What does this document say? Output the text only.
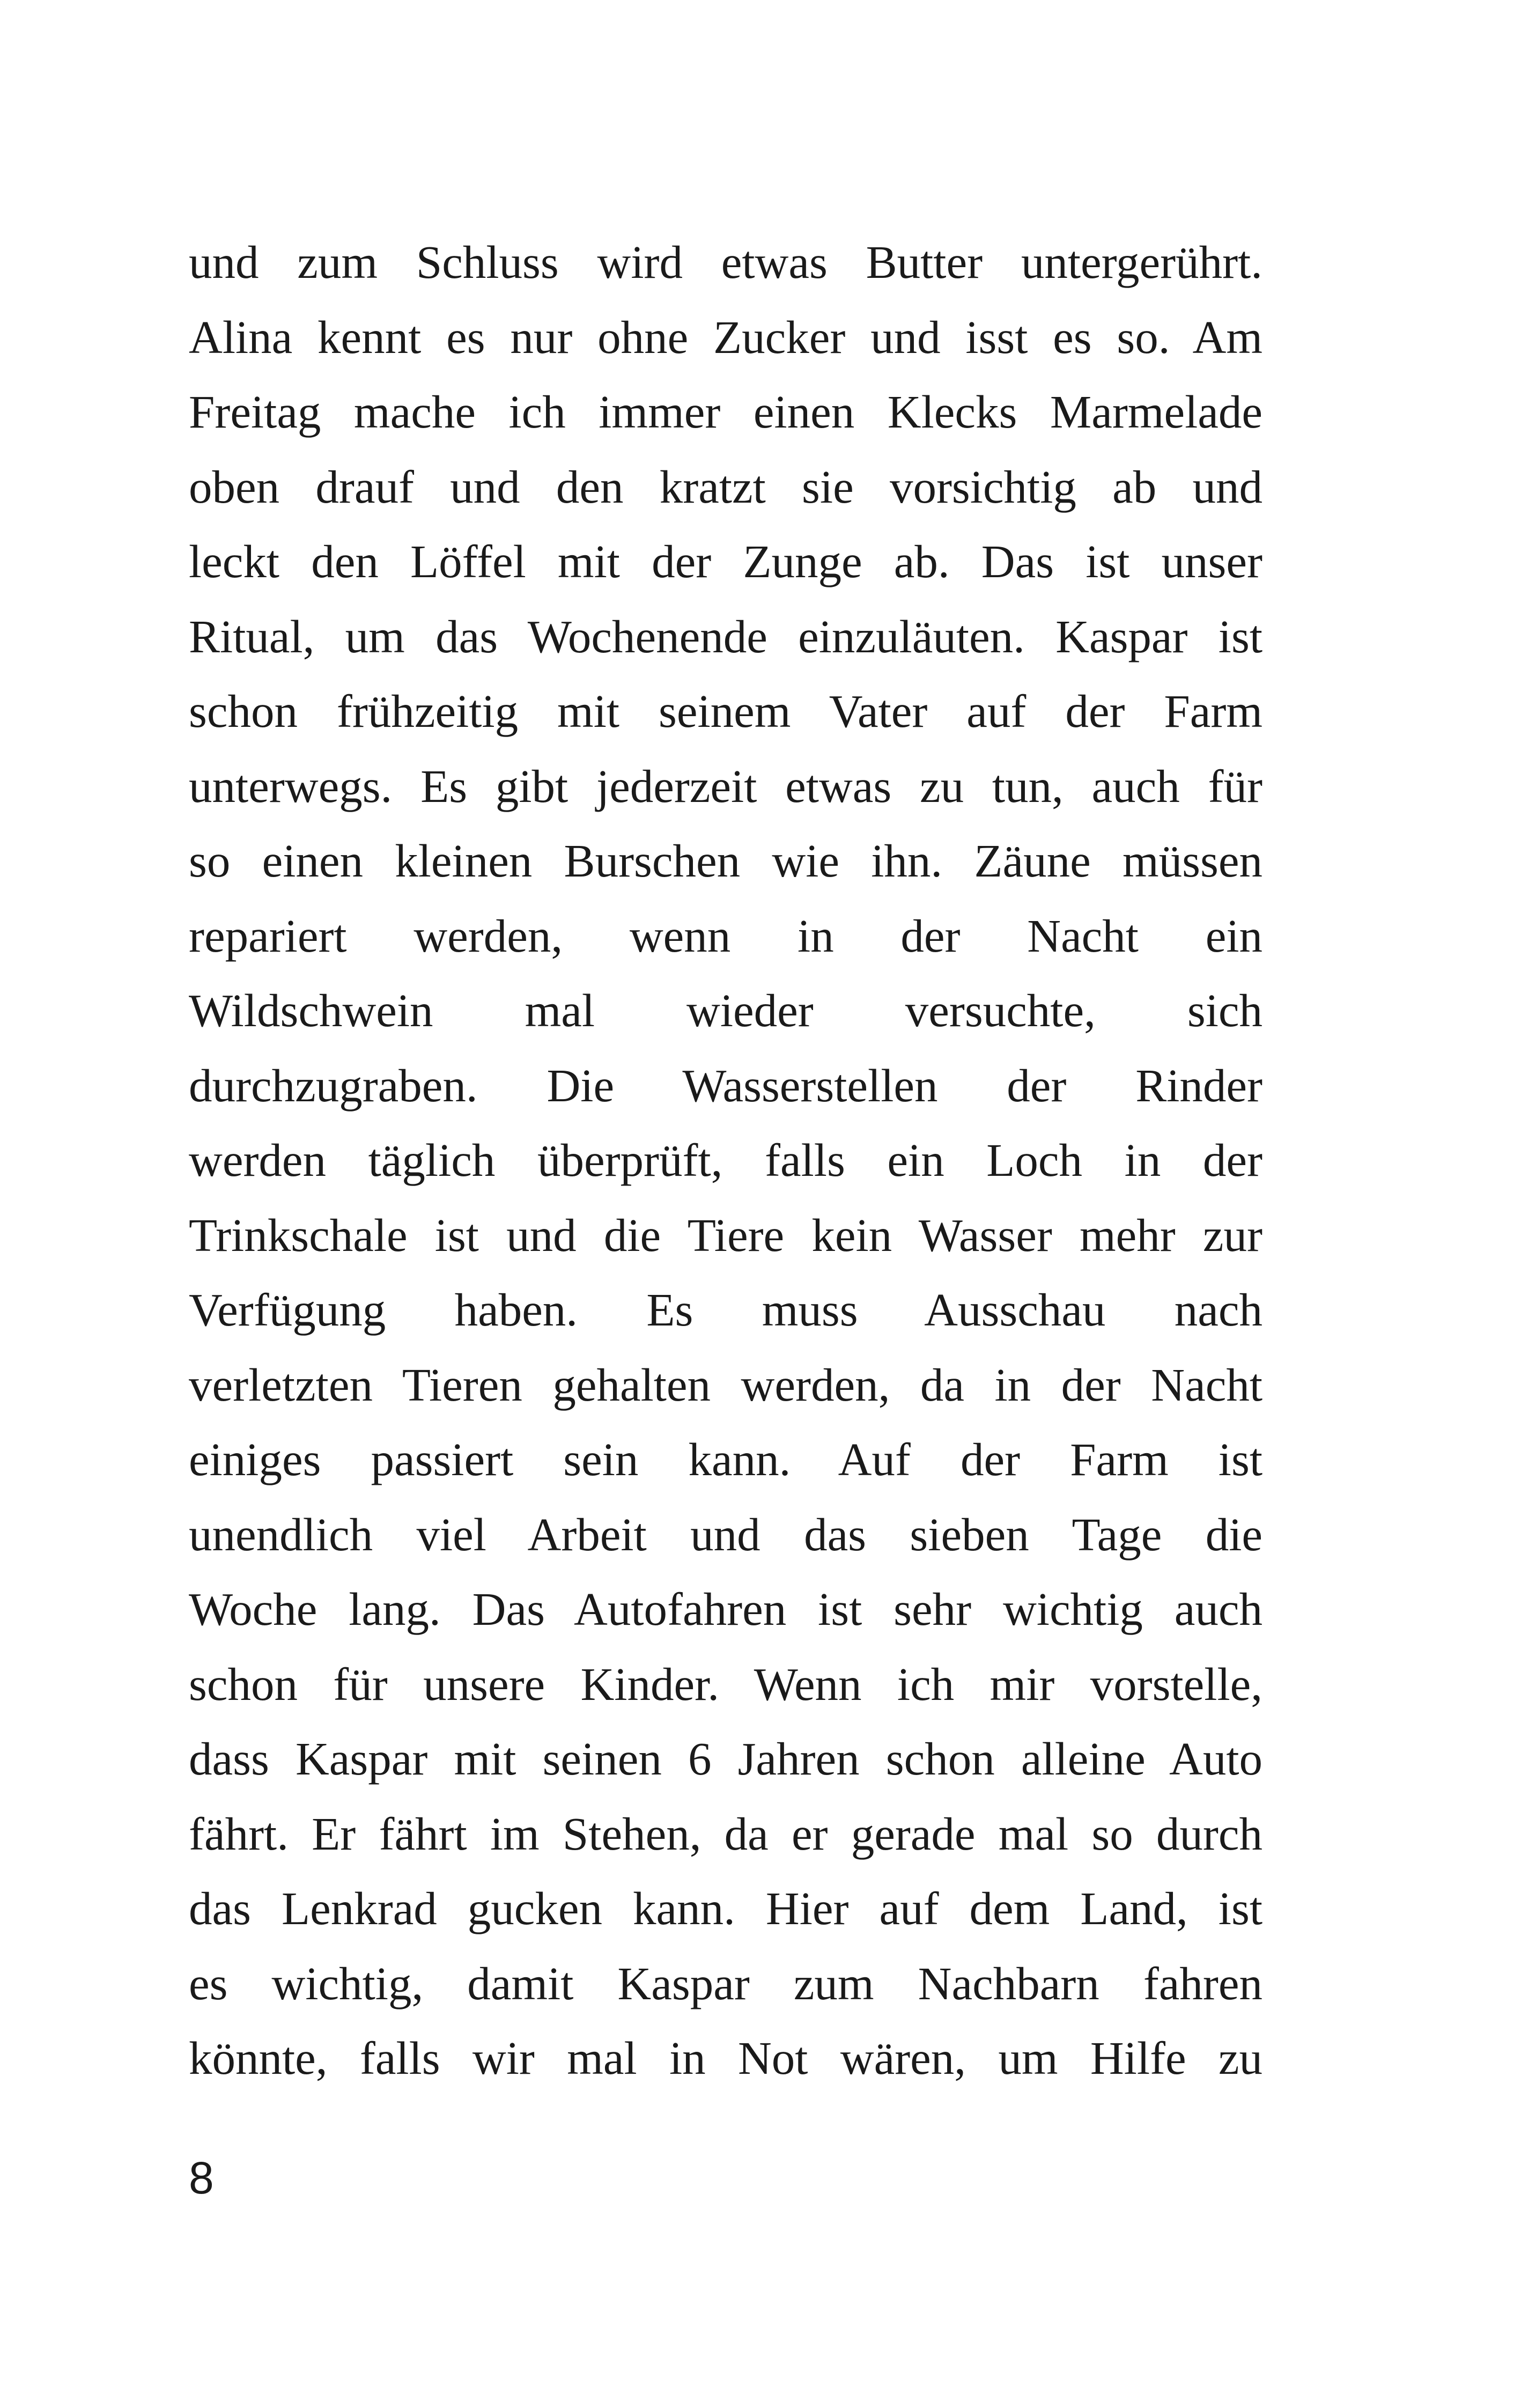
und zum Schluss wird etwas Butter untergerührt.
Alina kennt es nur ohne Zucker und isst es so. Am
Freitag mache ich immer einen Klecks Marmelade
oben drauf und den kratzt sie vorsichtig ab und
leckt den Löffel mit der Zunge ab. Das ist unser
Ritual, um das Wochenende einzuläuten. Kaspar ist
schon frühzeitig mit seinem Vater auf der Farm
unterwegs. Es gibt jederzeit etwas zu tun, auch für
so einen kleinen Burschen wie ihn. Zäune müssen
repariert werden, wenn in der Nacht ein
Wildschwein mal wieder versuchte, sich
durchzugraben. Die Wasserstellen der Rinder
werden täglich überprüft, falls ein Loch in der
Trinkschale ist und die Tiere kein Wasser mehr zur
Verfügung haben. Es muss Ausschau nach
verletzten Tieren gehalten werden, da in der Nacht
einiges passiert sein kann. Auf der Farm ist
unendlich viel Arbeit und das sieben Tage die
Woche lang. Das Autofahren ist sehr wichtig auch
schon für unsere Kinder. Wenn ich mir vorstelle,
dass Kaspar mit seinen 6 Jahren schon alleine Auto
fährt. Er fährt im Stehen, da er gerade mal so durch
das Lenkrad gucken kann. Hier auf dem Land, ist
es wichtig, damit Kaspar zum Nachbarn fahren
könnte, falls wir mal in Not wären, um Hilfe zu
8
